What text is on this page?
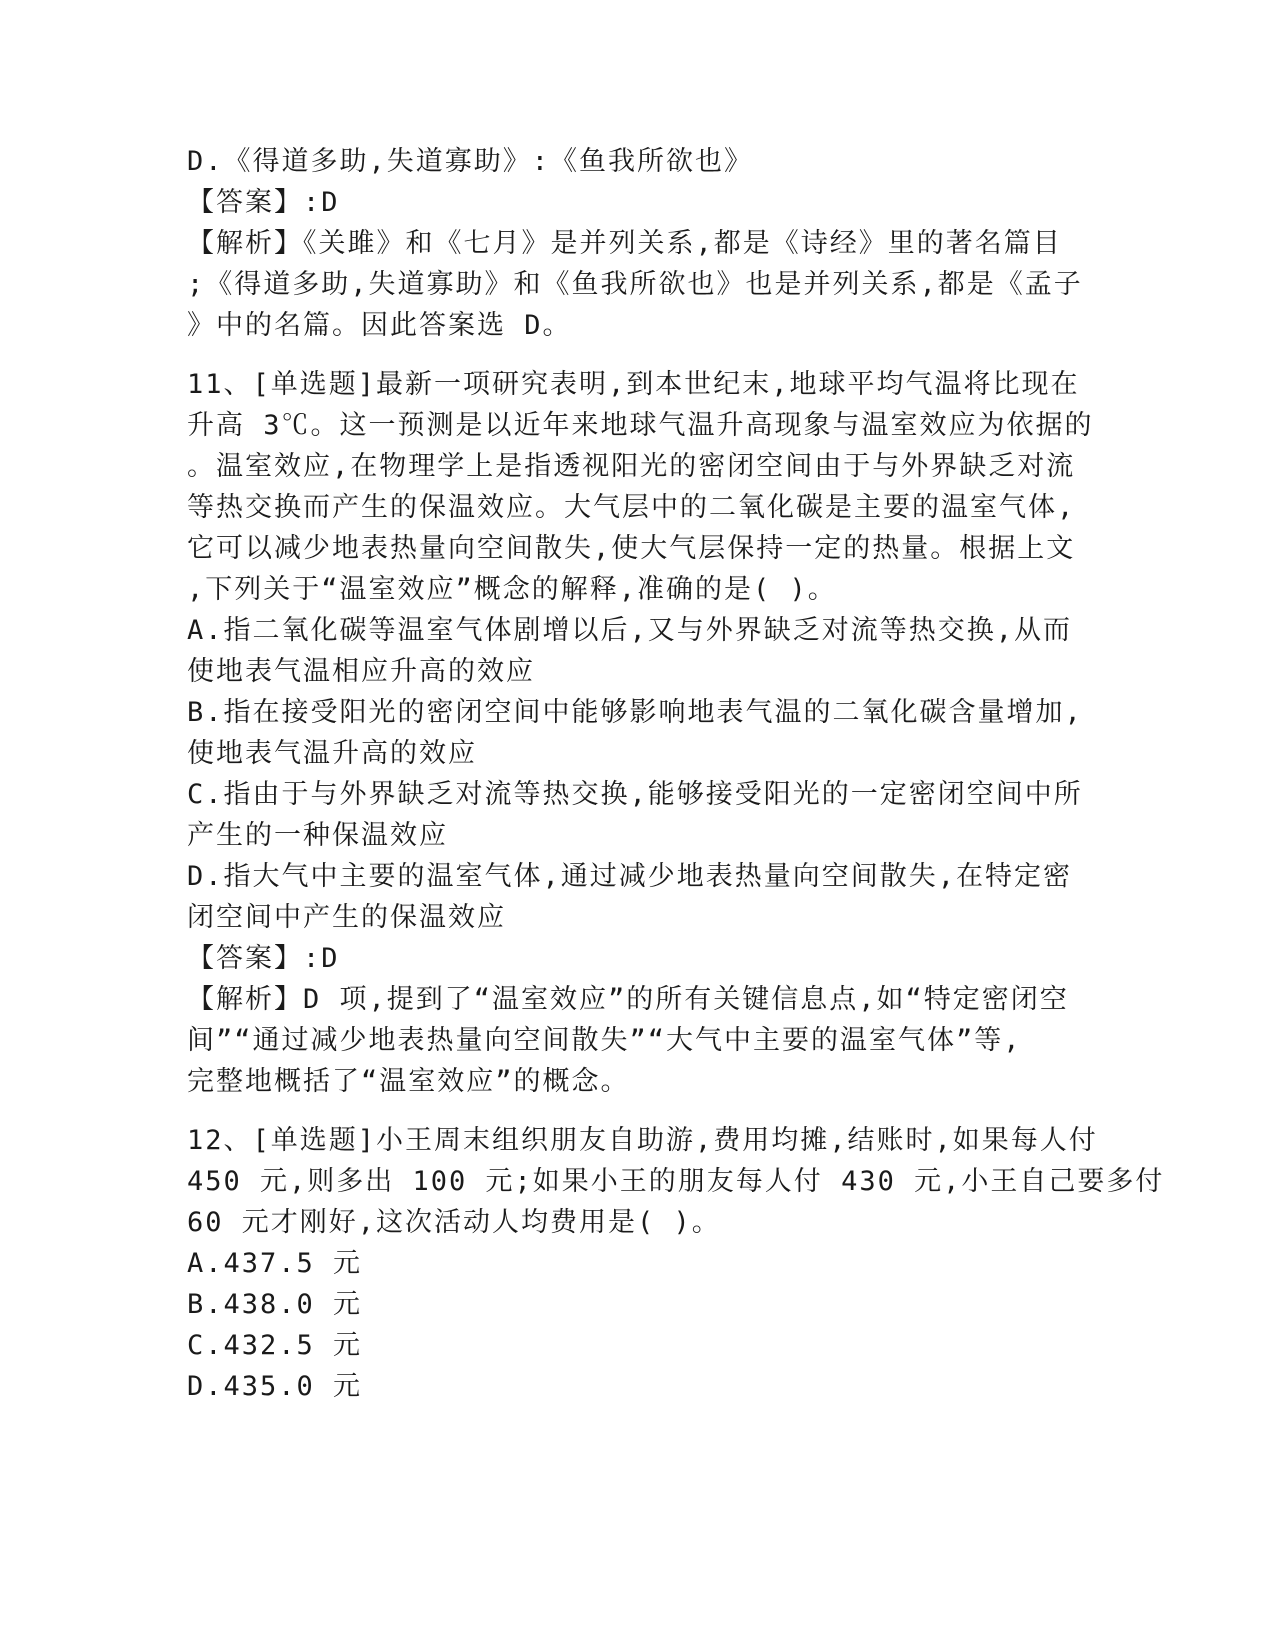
D.《得道多助,失道寡助》:《鱼我所欲也》
【答案】:D
【解析】《关雎》和《七月》是并列关系,都是《诗经》里的著名篇目
;《得道多助,失道寡助》和《鱼我所欲也》也是并列关系,都是《孟子
》中的名篇。因此答案选 D。
11、[单选题]最新一项研究表明,到本世纪末,地球平均气温将比现在
升高 3℃。这一预测是以近年来地球气温升高现象与温室效应为依据的
。温室效应,在物理学上是指透视阳光的密闭空间由于与外界缺乏对流
等热交换而产生的保温效应。大气层中的二氧化碳是主要的温室气体,
它可以减少地表热量向空间散失,使大气层保持一定的热量。根据上文
,下列关于“温室效应”概念的解释,准确的是( )。
A.指二氧化碳等温室气体剧增以后,又与外界缺乏对流等热交换,从而
使地表气温相应升高的效应
B.指在接受阳光的密闭空间中能够影响地表气温的二氧化碳含量增加,
使地表气温升高的效应
C.指由于与外界缺乏对流等热交换,能够接受阳光的一定密闭空间中所
产生的一种保温效应
D.指大气中主要的温室气体,通过减少地表热量向空间散失,在特定密
闭空间中产生的保温效应
【答案】:D
【解析】D 项,提到了“温室效应”的所有关键信息点,如“特定密闭空
间”“通过减少地表热量向空间散失”“大气中主要的温室气体”等,
完整地概括了“温室效应”的概念。
12、[单选题]小王周末组织朋友自助游,费用均摊,结账时,如果每人付
450 元,则多出 100 元;如果小王的朋友每人付 430 元,小王自己要多付
60 元才刚好,这次活动人均费用是( )。
A.437.5 元
B.438.0 元
C.432.5 元
D.435.0 元
